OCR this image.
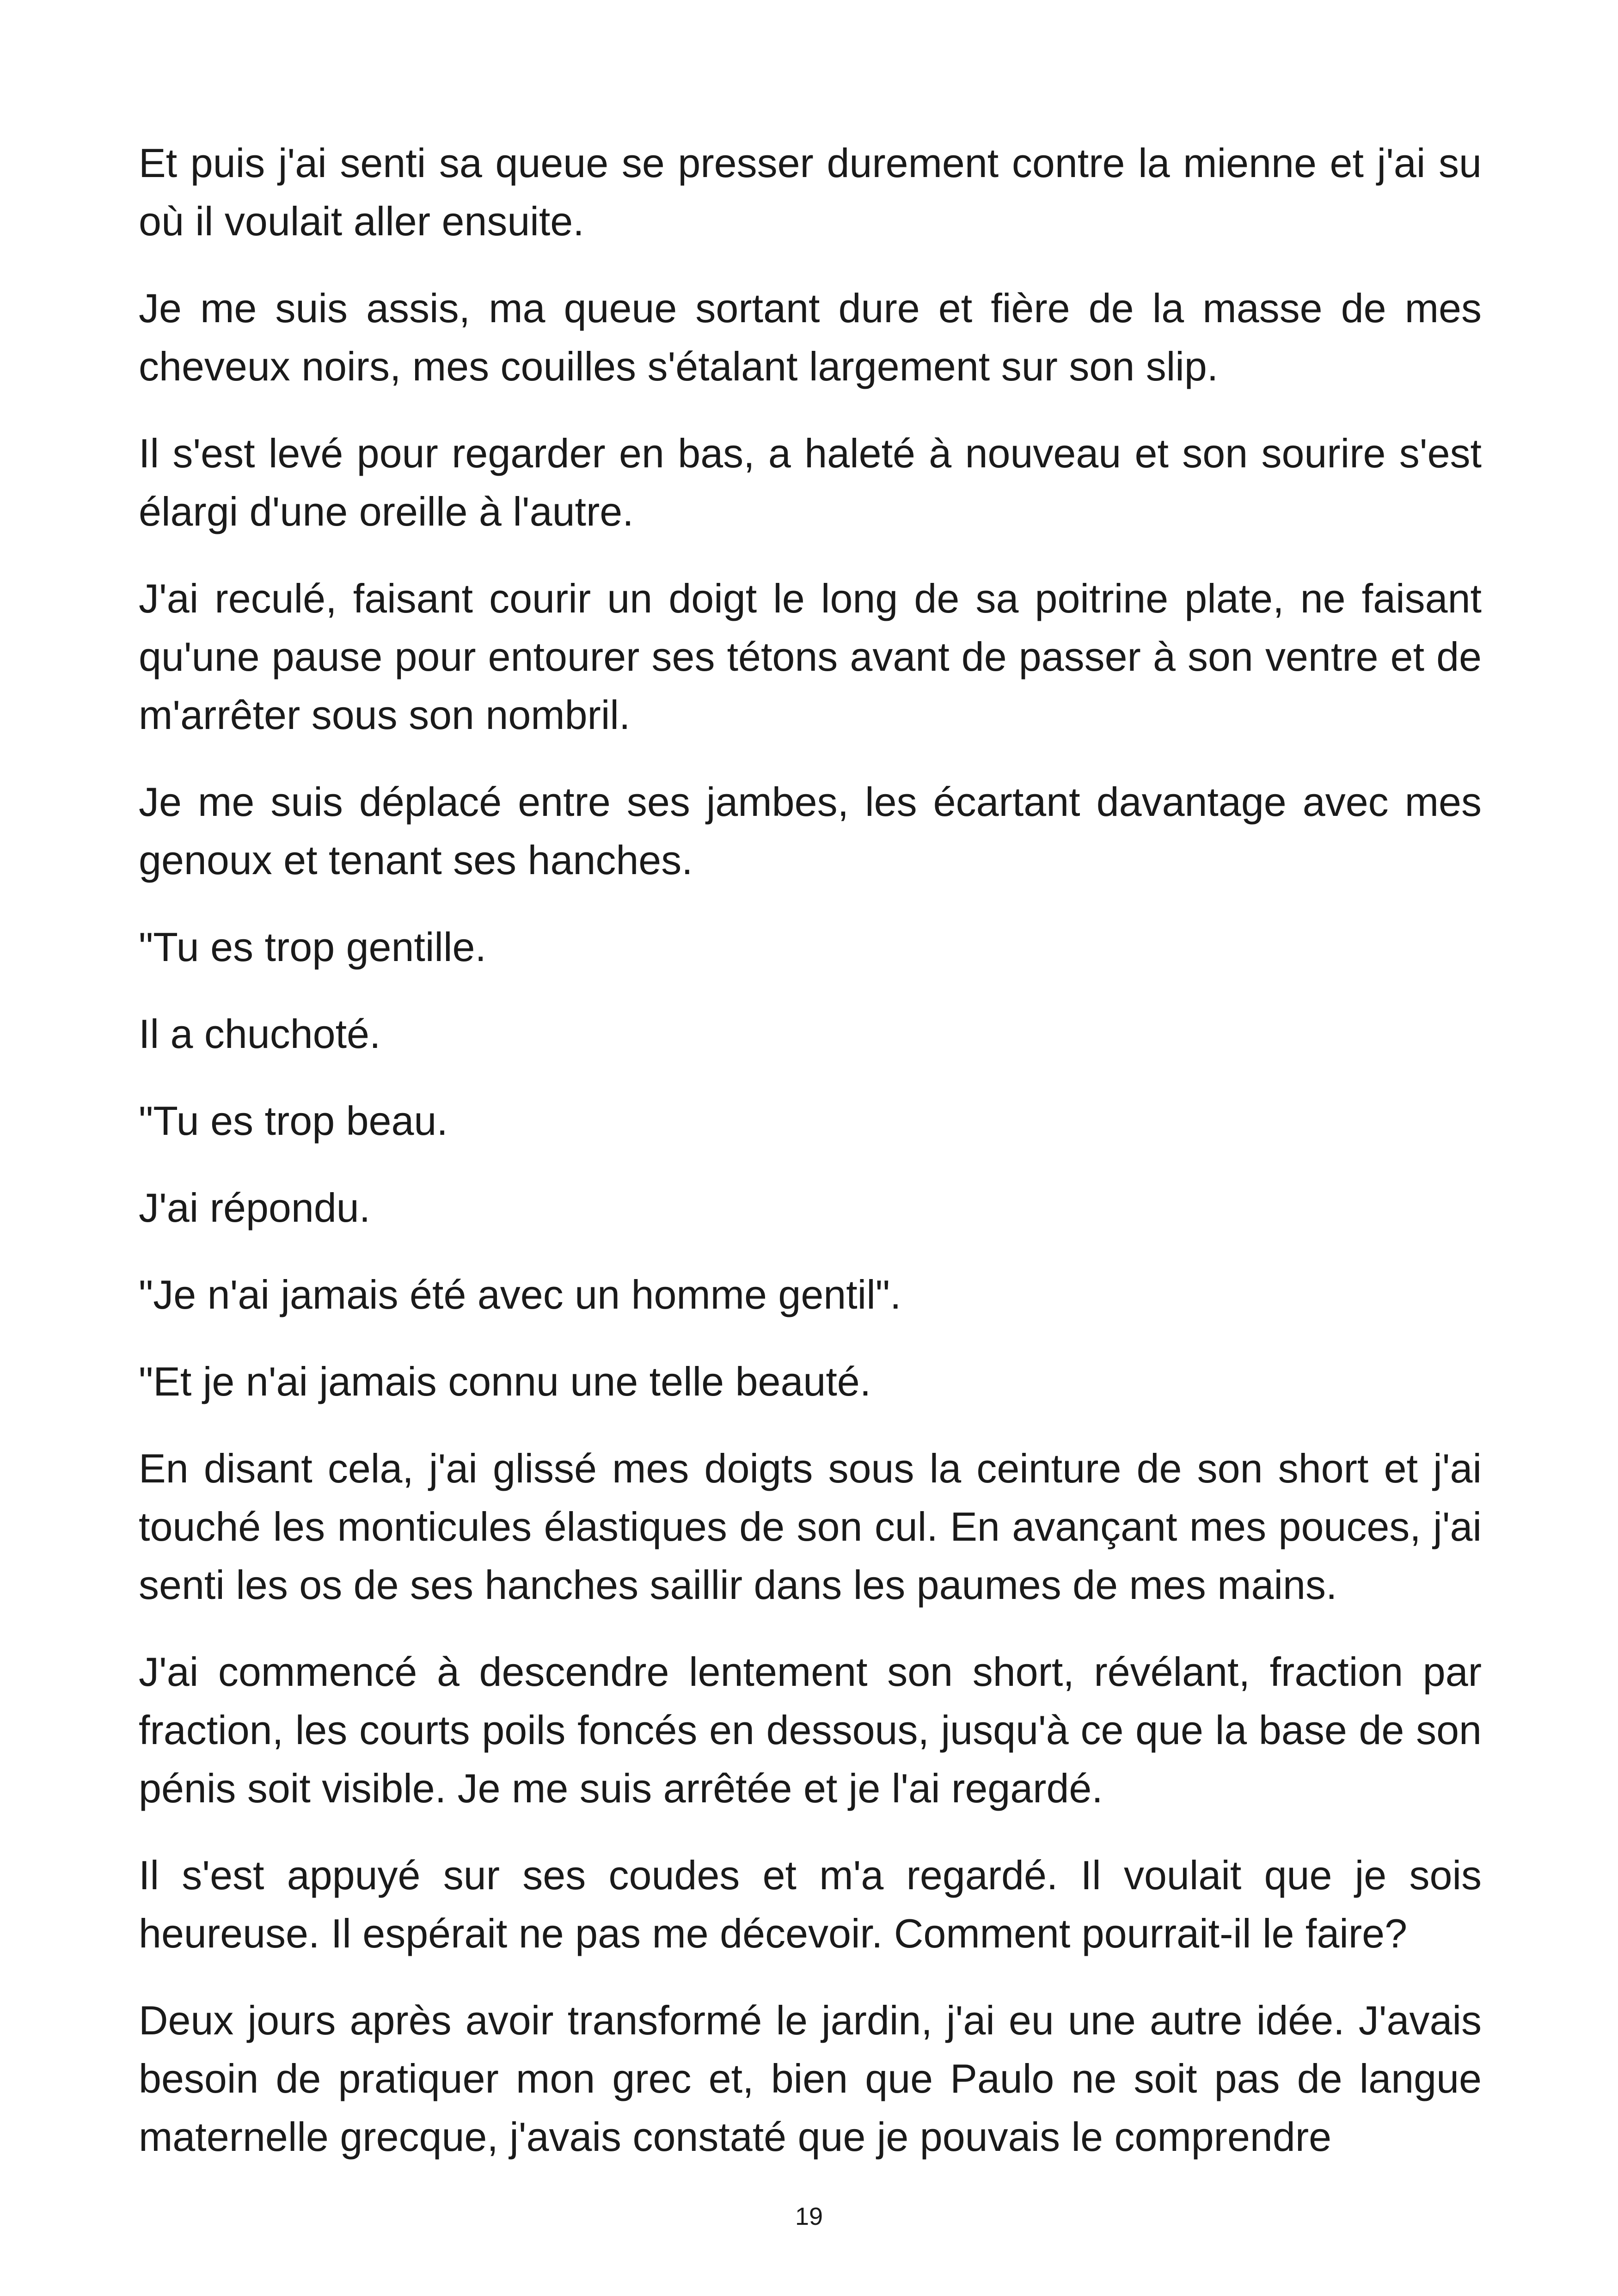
Et puis j'ai senti sa queue se presser durement contre la mienne et j'ai su où il voulait aller ensuite.

Je me suis assis, ma queue sortant dure et fière de la masse de mes cheveux noirs, mes couilles s'étalant largement sur son slip.

Il s'est levé pour regarder en bas, a haleté à nouveau et son sourire s'est élargi d'une oreille à l'autre.

J'ai reculé, faisant courir un doigt le long de sa poitrine plate, ne faisant qu'une pause pour entourer ses tétons avant de passer à son ventre et de m'arrêter sous son nombril.

Je me suis déplacé entre ses jambes, les écartant davantage avec mes genoux et tenant ses hanches.

"Tu es trop gentille.

Il a chuchoté.

"Tu es trop beau.

J'ai répondu.

"Je n'ai jamais été avec un homme gentil".

"Et je n'ai jamais connu une telle beauté.

En disant cela, j'ai glissé mes doigts sous la ceinture de son short et j'ai touché les monticules élastiques de son cul. En avançant mes pouces, j'ai senti les os de ses hanches saillir dans les paumes de mes mains.

J'ai commencé à descendre lentement son short, révélant, fraction par fraction, les courts poils foncés en dessous, jusqu'à ce que la base de son pénis soit visible. Je me suis arrêtée et je l'ai regardé.

Il s'est appuyé sur ses coudes et m'a regardé. Il voulait que je sois heureuse. Il espérait ne pas me décevoir. Comment pourrait-il le faire?

Deux jours après avoir transformé le jardin, j'ai eu une autre idée. J'avais besoin de pratiquer mon grec et, bien que Paulo ne soit pas de langue maternelle grecque, j'avais constaté que je pouvais le comprendre

19
